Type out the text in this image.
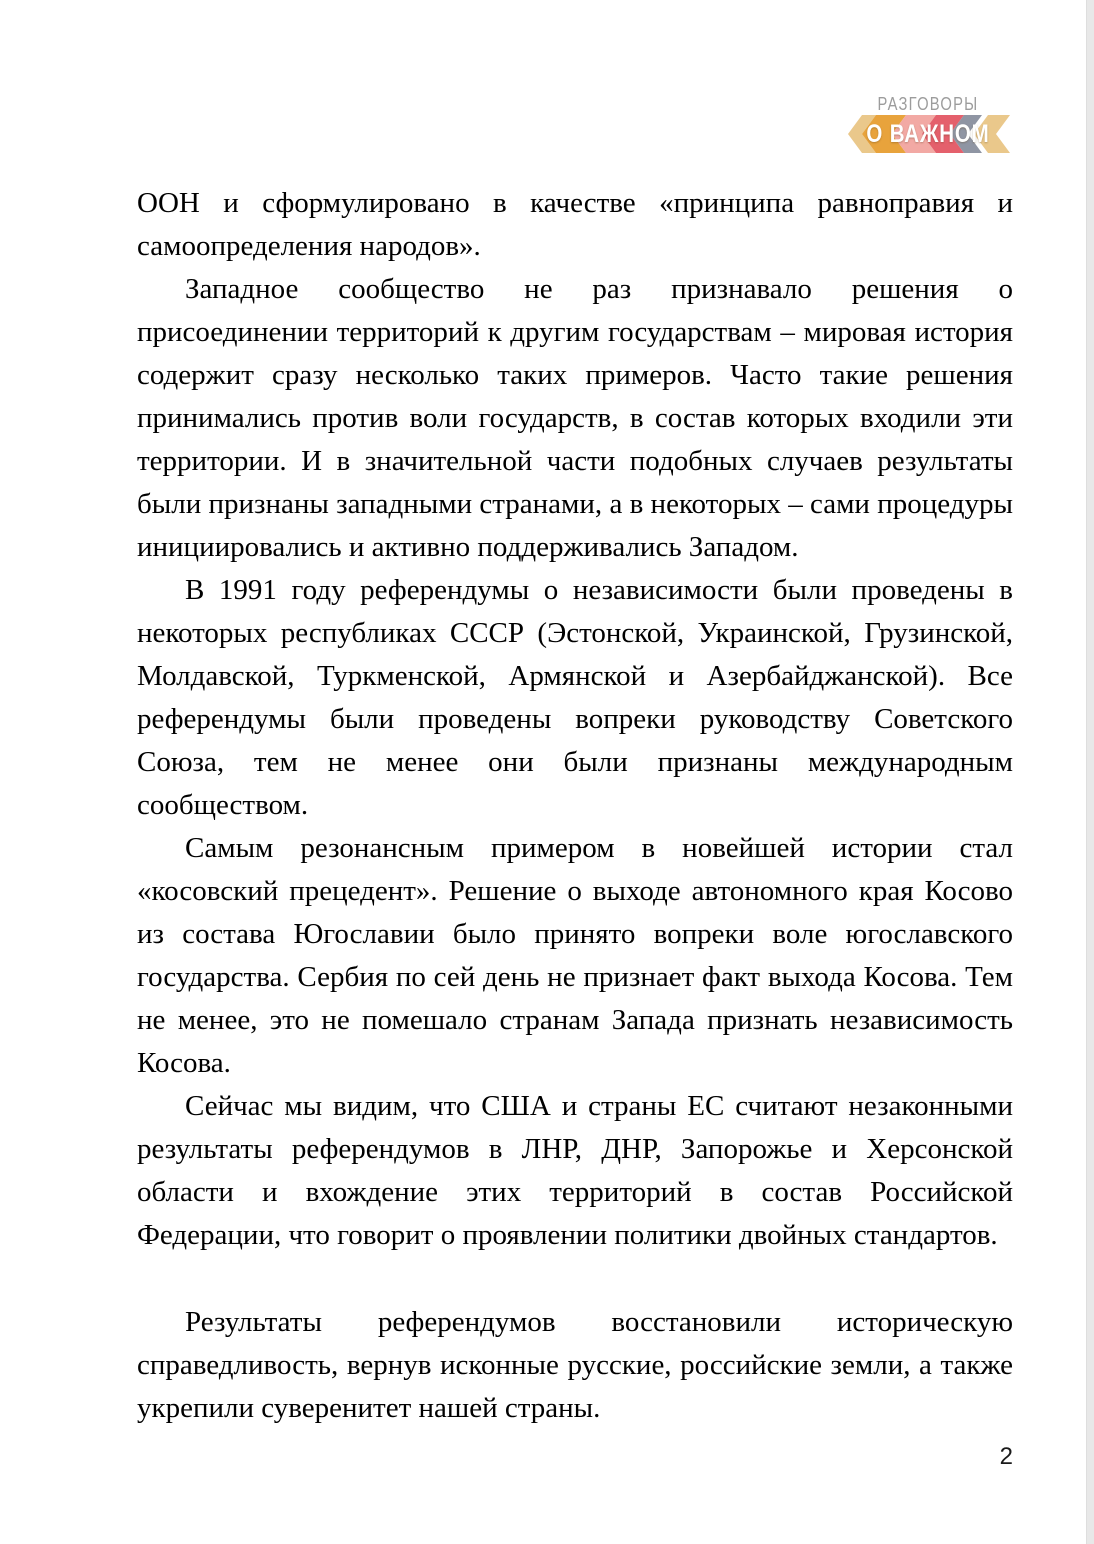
РАЗГОВОРЫ
О ВАЖНОМ

ООН и сформулировано в качестве «принципа равноправия и самоопределения народов».

Западное сообщество не раз признавало решения о присоединении территорий к другим государствам – мировая история содержит сразу несколько таких примеров. Часто такие решения принимались против воли государств, в состав которых входили эти территории. И в значительной части подобных случаев результаты были признаны западными странами, а в некоторых – сами процедуры инициировались и активно поддерживались Западом.

В 1991 году референдумы о независимости были проведены в некоторых республиках СССР (Эстонской, Украинской, Грузинской, Молдавской, Туркменской, Армянской и Азербайджанской). Все референдумы были проведены вопреки руководству Советского Союза, тем не менее они были признаны международным сообществом.

Самым резонансным примером в новейшей истории стал «косовский прецедент». Решение о выходе автономного края Косово из состава Югославии было принято вопреки воле югославского государства. Сербия по сей день не признает факт выхода Косова. Тем не менее, это не помешало странам Запада признать независимость Косова.

Сейчас мы видим, что США и страны ЕС считают незаконными результаты референдумов в ЛНР, ДНР, Запорожье и Херсонской области и вхождение этих территорий в состав Российской Федерации, что говорит о проявлении политики двойных стандартов.

Результаты референдумов восстановили историческую справедливость, вернув исконные русские, российские земли, а также укрепили суверенитет нашей страны.

2
